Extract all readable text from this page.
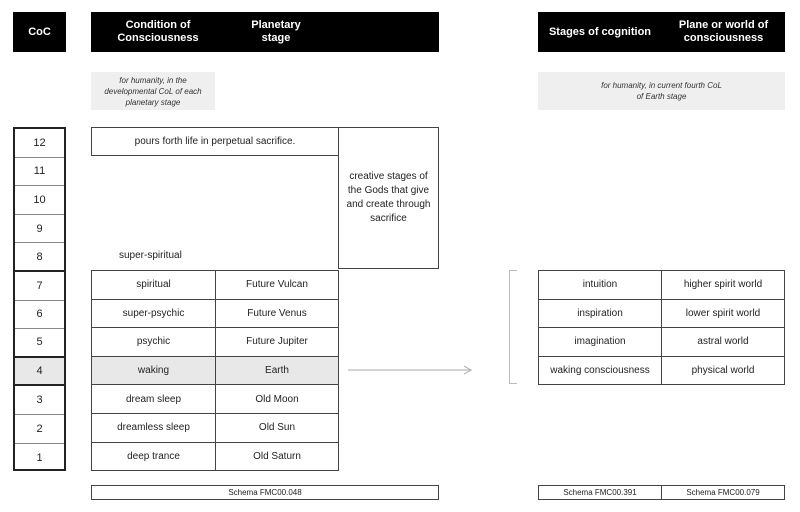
CoC
Condition of Consciousness
Planetary stage
Stages of cognition
Plane or world of consciousness
for humanity, in the developmental CoL of each planetary stage
for humanity, in current fourth CoL of Earth stage
12
11
10
9
8
7
6
5
4
3
2
1
pours forth life in perpetual sacrifice.
creative stages of the Gods that give and create through sacrifice
super-spiritual
spiritual	Future Vulcan
super-psychic	Future Venus
psychic	Future Jupiter
waking	Earth
dream sleep	Old Moon
dreamless sleep	Old Sun
deep trance	Old Saturn
intuition	higher spirit world
inspiration	lower spirit world
imagination	astral world
waking consciousness	physical world
Schema FMC00.048	Schema FMC00.391	Schema FMC00.079
